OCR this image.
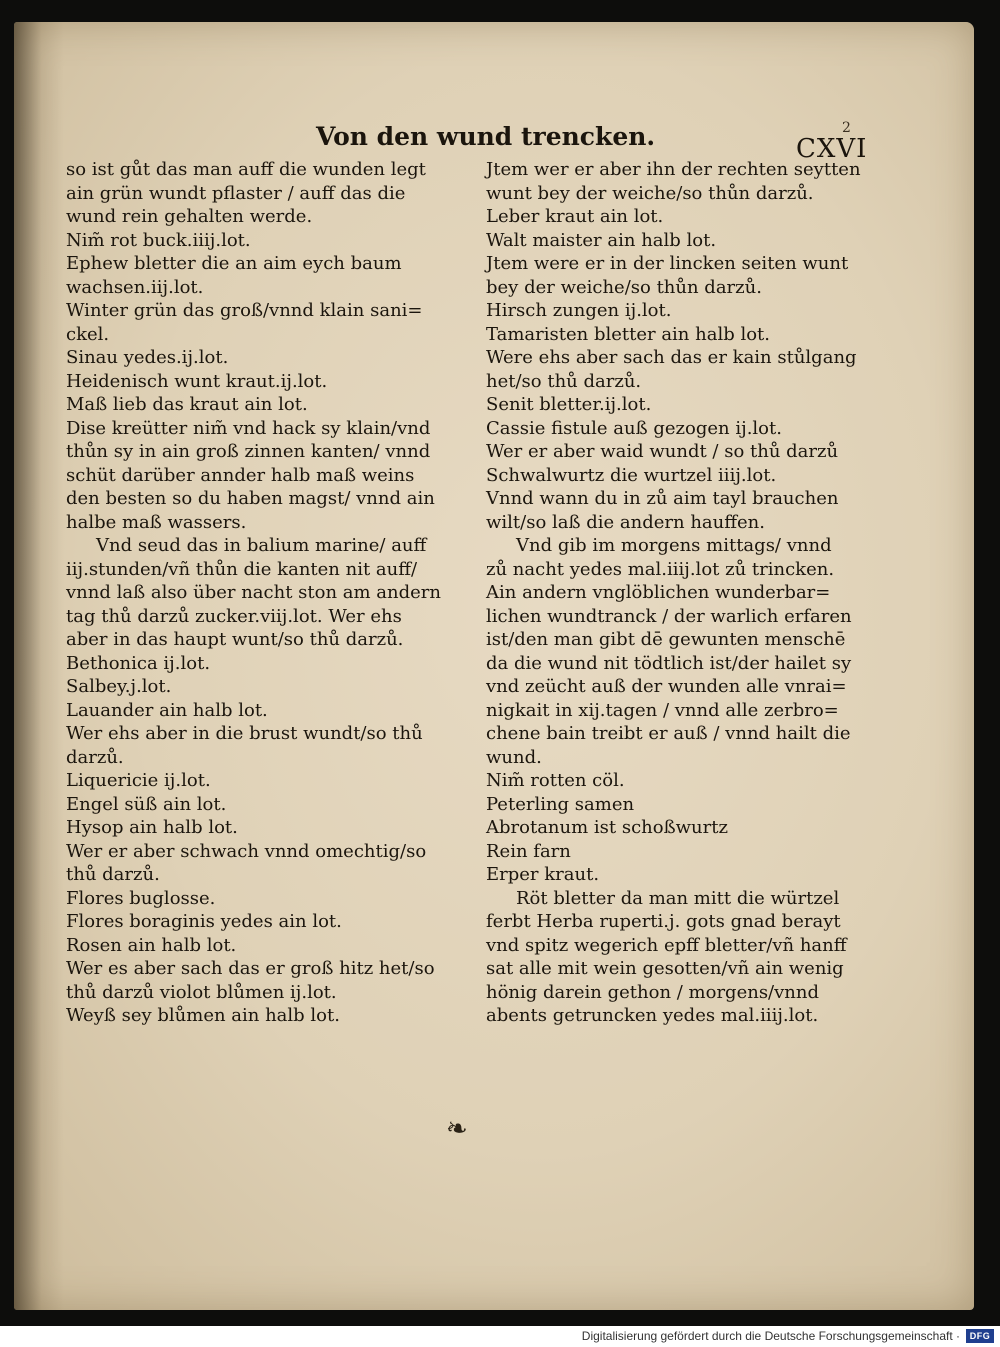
Von den wund trencken.	CXVI
2
so ist gůt das man auff die wunden legt
ain grün wundt pflaster / auff das die
wund rein gehalten werde.
Nim̃ rot buck.iiij.lot.
Ephew bletter die an aim eych baum
wachsen.iij.lot.
Winter grün das groß/vnnd klain sani=
ckel.
Sinau yedes.ij.lot.
Heidenisch wunt kraut.ij.lot.
Maß lieb das kraut ain lot.
Dise kreütter nim̃ vnd hack sy klain/vnd
thůn sy in ain groß zinnen kanten/ vnnd
schüt darüber annder halb maß weins
den besten so du haben magst/ vnnd ain
halbe maß wassers.
Vnd seud das in balium marine/ auff
iij.stunden/vñ thůn die kanten nit auff/
vnnd laß also über nacht ston am andern
tag thů darzů zucker.viij.lot. Wer ehs
aber in das haupt wunt/so thů darzů.
Bethonica ij.lot.
Salbey.j.lot.
Lauander ain halb lot.
Wer ehs aber in die brust wundt/so thů
darzů.
Liquericie ij.lot.
Engel süß ain lot.
Hysop ain halb lot.
Wer er aber schwach vnnd omechtig/so
thů darzů.
Flores buglosse.
Flores boraginis yedes ain lot.
Rosen ain halb lot.
Wer es aber sach das er groß hitz het/so
thů darzů violot blůmen ij.lot.
Weyß sey blůmen ain halb lot.
Jtem wer er aber ihn der rechten seytten
wunt bey der weiche/so thůn darzů.
Leber kraut ain lot.
Walt maister ain halb lot.
Jtem were er in der lincken seiten wunt
bey der weiche/so thůn darzů.
Hirsch zungen ij.lot.
Tamaristen bletter ain halb lot.
Were ehs aber sach das er kain stůlgang
het/so thů darzů.
Senit bletter.ij.lot.
Cassie fistule auß gezogen ij.lot.
Wer er aber waid wundt / so thů darzů
Schwalwurtz die wurtzel iiij.lot.
Vnnd wann du in zů aim tayl brauchen
wilt/so laß die andern hauffen.
Vnd gib im morgens mittags/ vnnd
zů nacht yedes mal.iiij.lot zů trincken.
Ain andern vnglöblichen wunderbar=
lichen wundtranck / der warlich erfaren
ist/den man gibt dē gewunten menschē
da die wund nit tödtlich ist/der hailet sy
vnd zeücht auß der wunden alle vnrai=
nigkait in xij.tagen / vnnd alle zerbro=
chene bain treibt er auß / vnnd hailt die
wund.
Nim̃ rotten cöl.
Peterling samen
Abrotanum ist schoßwurtz
Rein farn
Erper kraut.
Röt bletter da man mitt die würtzel
ferbt Herba ruperti.j. gots gnad berayt
vnd spitz wegerich epff bletter/vñ hanff
sat alle mit wein gesotten/vñ ain wenig
hönig darein gethon / morgens/vnnd
abents getruncken yedes mal.iiij.lot.
❧
Digitalisierung gefördert durch die Deutsche Forschungsgemeinschaft ·	DFG
